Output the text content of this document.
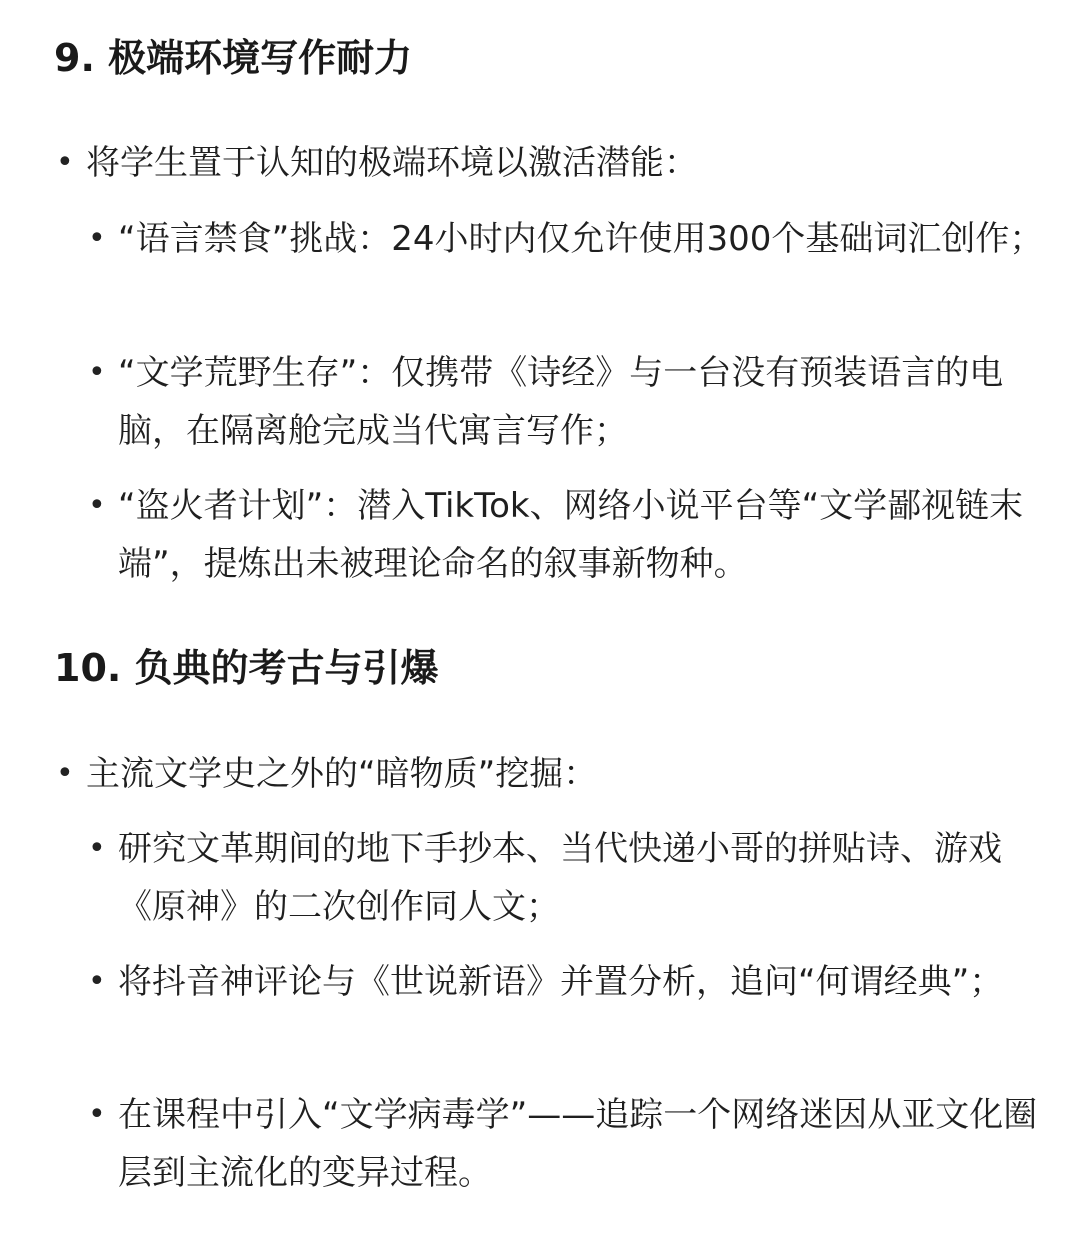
9. 极端环境写作耐力
• 将学生置于认知的极端环境以激活潜能：
• “语言禁食”挑战：24小时内仅允许使用300个基础词汇创作；
• “文学荒野生存”：仅携带《诗经》与一台没有预装语言的电脑，在隔离舱完成当代寓言写作；
• “盗火者计划”：潜入TikTok、网络小说平台等“文学鄙视链末端”，提炼出未被理论命名的叙事新物种。
10. 负典的考古与引爆
• 主流文学史之外的“暗物质”挖掘：
• 研究文革期间的地下手抄本、当代快递小哥的拼贴诗、游戏《原神》的二次创作同人文；
• 将抖音神评论与《世说新语》并置分析，追问“何谓经典”；
• 在课程中引入“文学病毒学”——追踪一个网络迷因从亚文化圈层到主流化的变异过程。
